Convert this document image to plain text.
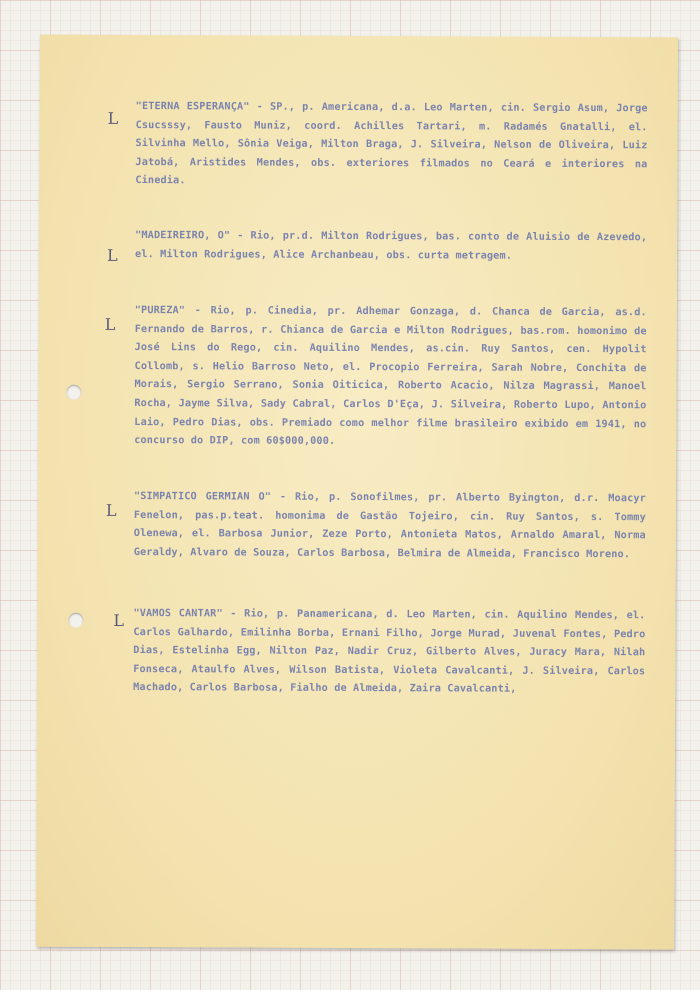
L

"ETERNA ESPERANÇA" - SP., p. Americana, d.a. Leo Marten, cin. Sergio Asum, Jorge Csucsssy, Fausto Muniz, coord. Achilles Tartari, m. Radamés Gnatalli, el. Silvinha Mello, Sônia Veiga, Milton Braga, J. Silveira, Nelson de Oliveira, Luiz Jatobá, Aristides Mendes, obs. exteriores filmados no Ceará e interiores na Cinedia.

L

"MADEIREIRO, O" - Rio, pr.d. Milton Rodrigues, bas. conto de Aluisio de Azevedo, el. Milton Rodrigues, Alice Archanbeau, obs. curta metragem.

L

"PUREZA" - Rio, p. Cinedia, pr. Adhemar Gonzaga, d. Chanca de Garcia, as.d. Fernando de Barros, r. Chianca de Garcia e Milton Rodrigues, bas.rom. homonimo de José Lins do Rego, cin. Aquilino Mendes, as.cin. Ruy Santos, cen. Hypolit Collomb, s. Helio Barroso Neto, el. Procopio Ferreira, Sarah Nobre, Conchita de Morais, Sergio Serrano, Sonia Oiticica, Roberto Acacio, Nilza Magrassi, Manoel Rocha, Jayme Silva, Sady Cabral, Carlos D'Eça, J. Silveira, Roberto Lupo, Antonio Laio, Pedro Dias, obs. Premiado como melhor filme brasileiro exibido em 1941, no concurso do DIP, com 60$000,000.

L

"SIMPATICO GERMIAN O" - Rio, p. Sonofilmes, pr. Alberto Byington, d.r. Moacyr Fenelon, pas.p.teat. homonima de Gastão Tojeiro, cin. Ruy Santos, s. Tommy Olenewa, el. Barbosa Junior, Zeze Porto, Antonieta Matos, Arnaldo Amaral, Norma Geraldy, Alvaro de Souza, Carlos Barbosa, Belmira de Almeida, Francisco Moreno.

L "VAMOS CANTAR" - Rio, p. Panamericana, d. Leo Marten, cin. Aquilino Mendes, el. Carlos Galhardo, Emilinha Borba, Ernani Filho, Jorge Murad, Juvenal Fontes, Pedro Dias, Estelinha Egg, Nilton Paz, Nadir Cruz, Gilberto Alves, Juracy Mara, Nilah Fonseca, Ataulfo Alves, Wilson Batista, Violeta Cavalcanti, J. Silveira, Carlos Machado, Carlos Barbosa, Fialho de Almeida, Zaira Cavalcanti,
